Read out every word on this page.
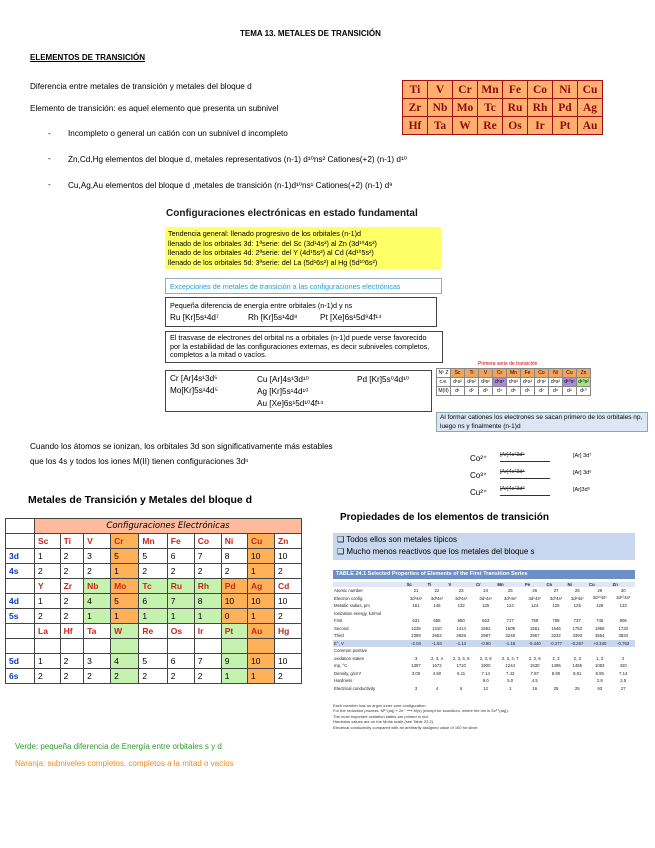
TEMA 13. METALES DE TRANSICIÓN
ELEMENTOS DE TRANSICIÓN
Diferencia entre metales de transición y metales del bloque d
Elemento de transición: es aquel elemento que presenta un subnivel
- Incompleto o general un catión con un subnivel d incompleto
- Zn,Cd,Hg elementos del bloque d, metales representativos (n-1) d¹⁰ns² Cationes(+2) (n-1) d¹⁰
- Cu,Ag,Au elementos del bloque d ,metales de transición (n-1)d¹⁰ns¹ Cationes(+2) (n-1) d⁹
Ti	V	Cr	Mn	Fe	Co	Ni	Cu
Zr	Nb	Mo	Tc	Ru	Rh	Pd	Ag
Hf	Ta	W	Re	Os	Ir	Pt	Au
Configuraciones electrónicas en estado fundamental
Tendencia general: llenado progresivo de los orbitales (n-1)d
llenado de los orbitales 3d: 1ªserie: del Sc (3d¹4s²) al Zn (3d¹⁰4s²)
llenado de los orbitales 4d: 2ªserie: del Y (4d¹5s²) al Cd (4d¹⁰5s²)
llenado de los orbitales 5d: 3ªserie: del La (5d¹6s²) al Hg (5d¹⁰6s²)
Excepciones de metales de transición a las configuraciones electrónicas
Pequeña diferencia de energía entre orbitales (n-1)d y ns
Ru [Kr]5s¹4d⁷	Rh [Kr]5s¹4d⁸	Pt [Xe]6s¹5d⁹4f¹⁴
El trasvase de electrones del orbital ns a orbitales (n-1)d puede verse favorecido por la estabilidad de las configuraciones externas, es decir subniveles completos, completos a la mitad o vacíos.
Cr [Ar]4s¹3d⁵
Mo[Kr]5s¹4d⁵
Cu [Ar]4s¹3d¹⁰
Ag [Kr]5s¹4d¹⁰
Au [Xe]6s¹5d¹⁰4f¹⁴
Pd [Kr]5s⁰4d¹⁰
Primera serie de transición
Nº Z	Sc	Ti	V	Cr	Mn	Fe	Co	Ni	Cu	Zn
c.e.	d¹s²	d²s²	d³s²	d⁵s¹	d⁵s²	d⁶s²	d⁷s²	d⁸s²	d¹⁰s¹	d¹⁰s²
M(II)	d¹	d²	d³	d⁴	d⁵	d⁶	d⁷	d⁸	d⁹	d¹⁰
Al formar cationes los electrones se sacan primero de los orbitales np, luego ns y finalmente (n-1)d
Cuando los átomos se ionizan, los orbitales 3d son significativamente más estables
que los 4s y todos los iones M(II) tienen configuraciones 3dⁿ	Co²⁺ [Ar]4s²3d⁵	[Ar] 3d⁷
Co³⁺ [Ar]4s²3d⁴	[Ar] 3d⁶
Cu²⁺ [Ar]4s¹3d⁸	[Ar]3d⁹
Metales de Transición y Metales del bloque d
	Configuraciones Electrónicas									
	Sc	Ti	V	Cr	Mn	Fe	Co	Ni	Cu	Zn
3d	1	2	3	5	5	6	7	8	10	10
4s	2	2	2	1	2	2	2	2	1	2
	Y	Zr	Nb	Mo	Tc	Ru	Rh	Pd	Ag	Cd
4d	1	2	4	5	6	7	8	10	10	10
5s	2	2	1	1	1	1	1	0	1	2
	La	Hf	Ta	W	Re	Os	Ir	Pt	Au	Hg

5d	1	2	3	4	5	6	7	9	10	10
6s	2	2	2	2	2	2	2	1	1	2
Verde: pequeña diferencia de Energía entre orbitales s y d
Naranja: subniveles completos, completos a la mitad o vacíos
Propiedades de los elementos de transición
❑ Todos ellos son metales típicos
❑ Mucho menos reactivos que los metales del bloque s
TABLE 24.1 Selected Properties of Elements of the First Transition Series
	Sc	Ti	V	Cr	Mn	Fe	Co	Ni	Cu	Zn
Atomic number	21	22	23	24	25	26	27	28	29	30
Electron config.	3d¹4s²	3d²4s²	3d³4s²	3d⁵4s¹	3d⁵4s²	3d⁶4s²	3d⁷4s²	3d⁸4s²	3d¹⁰4s¹	3d¹⁰4s²
Metallic radius, pm	161	145	132	125	124	124	125	125	128	133
Ionization energy, kJ/mol										
First	631	658	650	653	717	759	758	737	745	906
Second	1235	1310	1414	1592	1509	1561	1646	1753	1958	1733
Third	2389	2653	2828	2987	3248	2957	3232	3393	3554	3833
E°, V	-2.03	-1.63	-1.13	-0.90	-1.18	-0.440	-0.277	-0.257	+0.340	-0.763
Common positive										
oxidation states	3	2, 3, 4	2, 3, 4, 5	2, 3, 6	2, 3, 4, 7	2, 3, 6	2, 3	2, 3	1, 2	2
mp, °C	1397	1672	1710	1900	1244	1530	1495	1455	1083	420
Density, g/cm³	3.00	4.50	6.11	7.14	7.43	7.87	8.90	8.91	8.95	7.14
Hardness				9.0	5.0	4.5			2.8	2.5
Electrical conductivity	3	4	6	12	1	16	25	25	93	27
Each member has an argon inner-core configuration.
For the reduction process: M²⁺(aq) + 2e⁻ ⟶ M(s) (except for scandium, where the ion is Sc³⁺(aq)).
The most important oxidation states are printed in red.
Hardness values are on the Mohs scale (see Table 22.2).
Electrical conductivity compared with an arbitrarily assigned value of 100 for silver.
